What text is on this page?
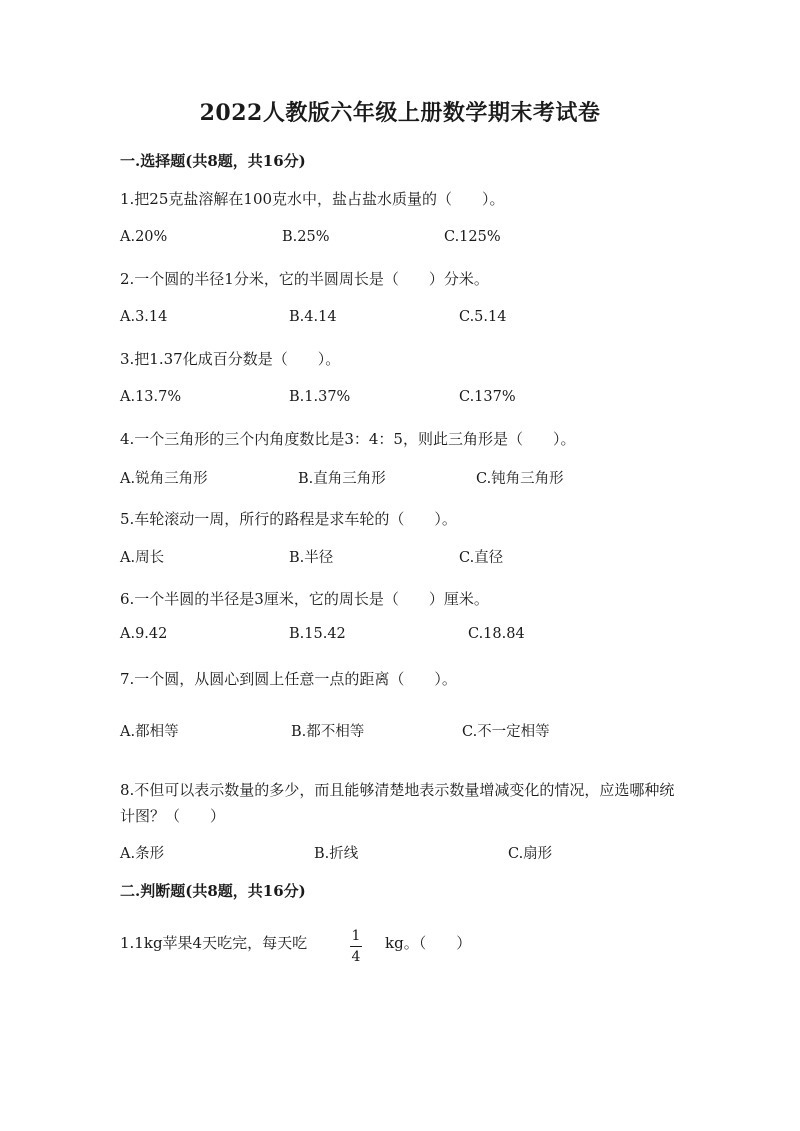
2022人教版六年级上册数学期末考试卷
一.选择题(共8题，共16分)
1.把25克盐溶解在100克水中，盐占盐水质量的（　　）。
A.20%	B.25%	C.125%
2.一个圆的半径1分米，它的半圆周长是（　　）分米。
A.3.14	B.4.14	C.5.14
3.把1.37化成百分数是（　　）。
A.13.7%	B.1.37%	C.137%
4.一个三角形的三个内角度数比是3：4：5，则此三角形是（　　）。
A.锐角三角形	B.直角三角形	C.钝角三角形
5.车轮滚动一周，所行的路程是求车轮的（　　）。
A.周长	B.半径	C.直径
6.一个半圆的半径是3厘米，它的周长是（　　）厘米。
A.9.42	B.15.42	C.18.84
7.一个圆，从圆心到圆上任意一点的距离（　　）。
A.都相等	B.都不相等	C.不一定相等
8.不但可以表示数量的多少，而且能够清楚地表示数量增减变化的情况，应选哪种统计图？（　　）
A.条形	B.折线	C.扇形
二.判断题(共8题，共16分)
1.1kg苹果4天吃完，每天吃	1
4
kg。（　　）
